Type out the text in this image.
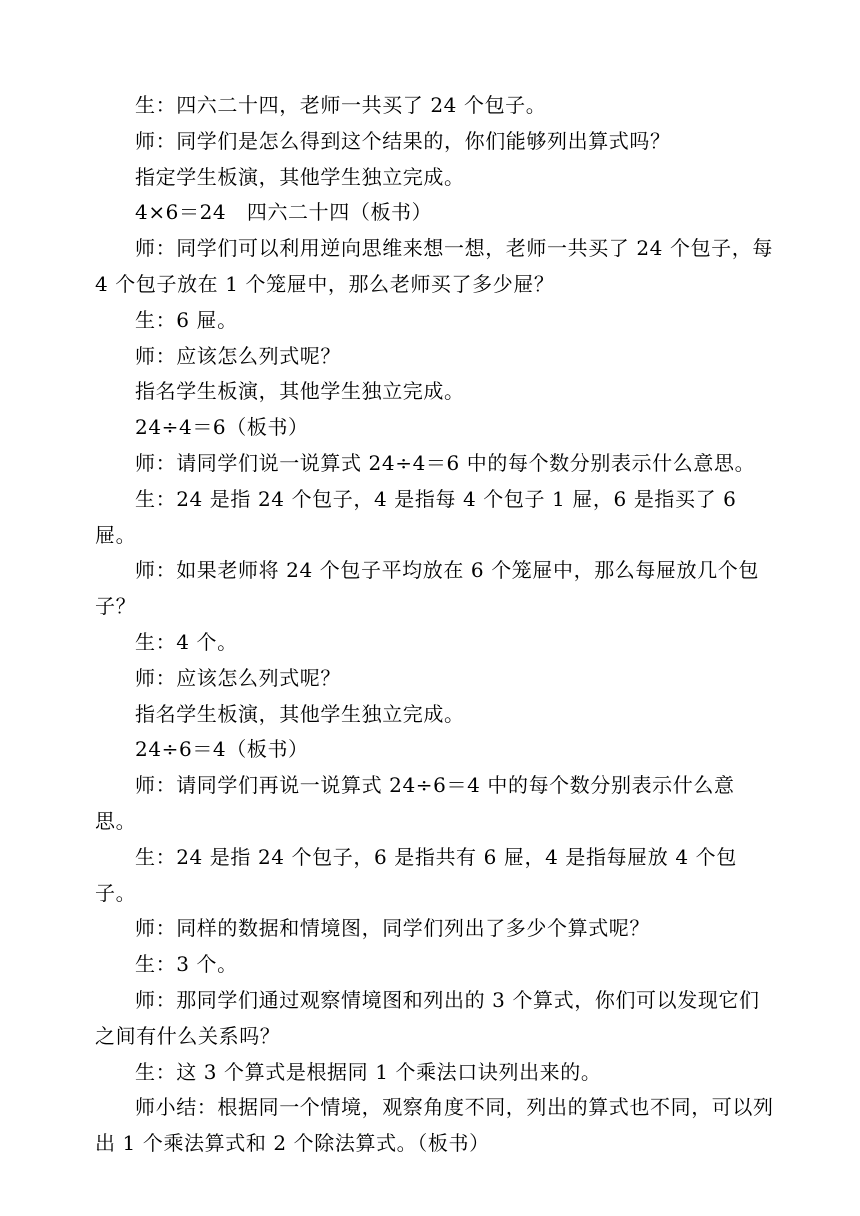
生：四六二十四，老师一共买了 24 个包子。

师：同学们是怎么得到这个结果的，你们能够列出算式吗？

指定学生板演，其他学生独立完成。

4×6＝24　四六二十四（板书）

师：同学们可以利用逆向思维来想一想，老师一共买了 24 个包子，每 4 个包子放在 1 个笼屉中，那么老师买了多少屉？

生：6 屉。

师：应该怎么列式呢？

指名学生板演，其他学生独立完成。

24÷4＝6（板书）

师：请同学们说一说算式 24÷4＝6 中的每个数分别表示什么意思。

生：24 是指 24 个包子，4 是指每 4 个包子 1 屉，6 是指买了 6 屉。

师：如果老师将 24 个包子平均放在 6 个笼屉中，那么每屉放几个包子？

生：4 个。

师：应该怎么列式呢？

指名学生板演，其他学生独立完成。

24÷6＝4（板书）

师：请同学们再说一说算式 24÷6＝4 中的每个数分别表示什么意思。

生：24 是指 24 个包子，6 是指共有 6 屉，4 是指每屉放 4 个包子。

师：同样的数据和情境图，同学们列出了多少个算式呢？

生：3 个。

师：那同学们通过观察情境图和列出的 3 个算式，你们可以发现它们之间有什么关系吗？

生：这 3 个算式是根据同 1 个乘法口诀列出来的。

师小结：根据同一个情境，观察角度不同，列出的算式也不同，可以列出 1 个乘法算式和 2 个除法算式。（板书）
